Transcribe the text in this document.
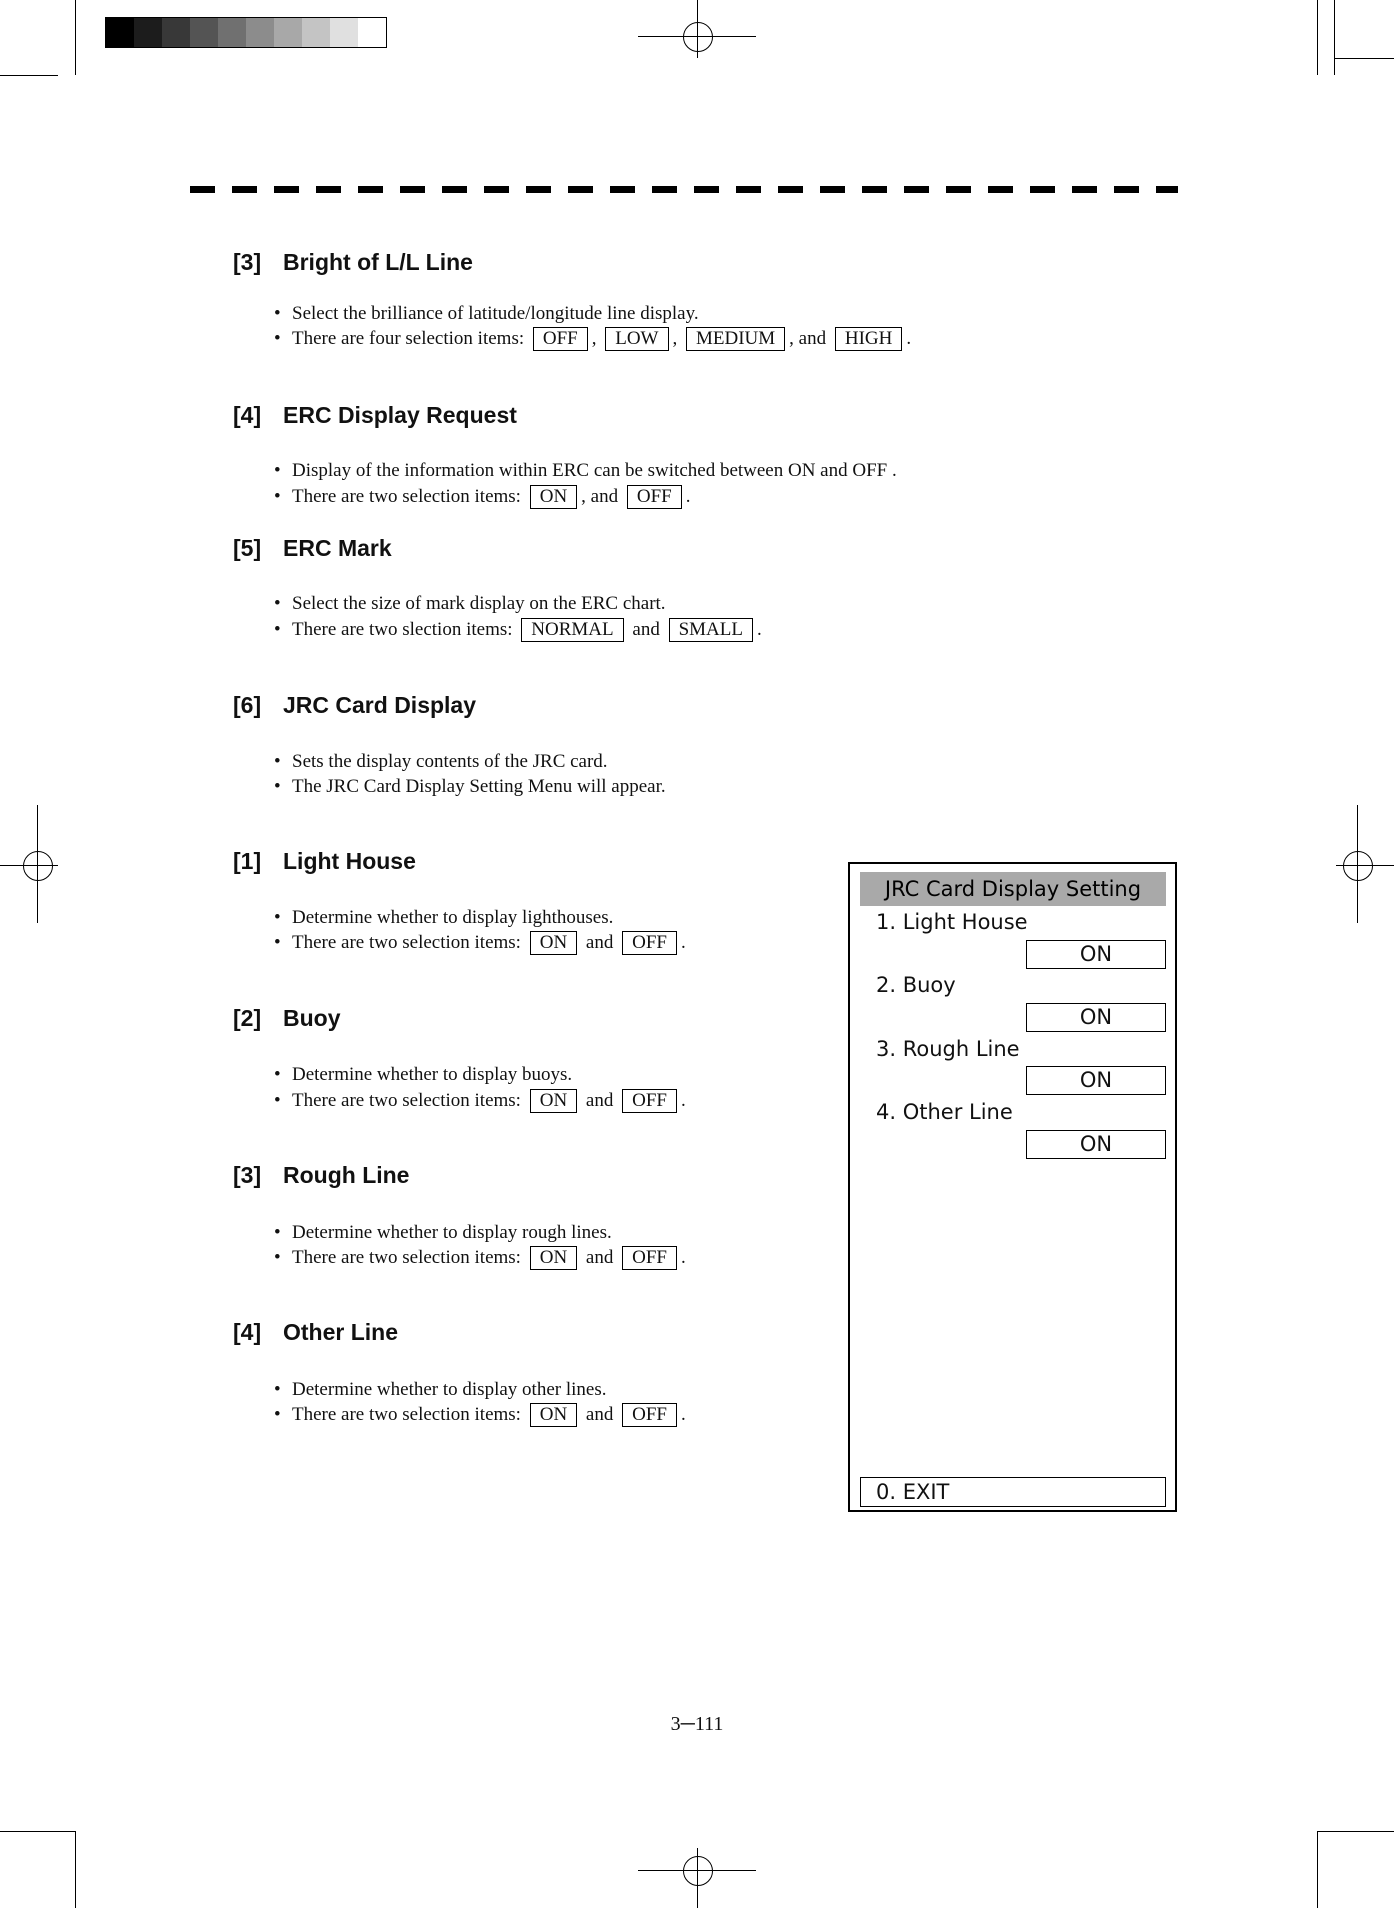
[3] Bright of L/L Line
• Select the brilliance of latitude/longitude line display.
• There are four selection items: OFF , LOW , MEDIUM , and HIGH .
[4] ERC Display Request
• Display of the information within ERC can be switched between ON and OFF .
• There are two selection items: ON , and OFF .
[5] ERC Mark
• Select the size of mark display on the ERC chart.
• There are two slection items: NORMAL and SMALL .
[6] JRC Card Display
• Sets the display contents of the JRC card.
• The JRC Card Display Setting Menu will appear.
[1] Light House
• Determine whether to display lighthouses.
• There are two selection items: ON and OFF .
[2] Buoy
• Determine whether to display buoys.
• There are two selection items: ON and OFF .
[3] Rough Line
• Determine whether to display rough lines.
• There are two selection items: ON and OFF .
[4] Other Line
• Determine whether to display other lines.
• There are two selection items: ON and OFF .
JRC Card Display Setting
1. Light House
ON
2. Buoy
ON
3. Rough Line
ON
4. Other Line
ON
0. EXIT
3─111
